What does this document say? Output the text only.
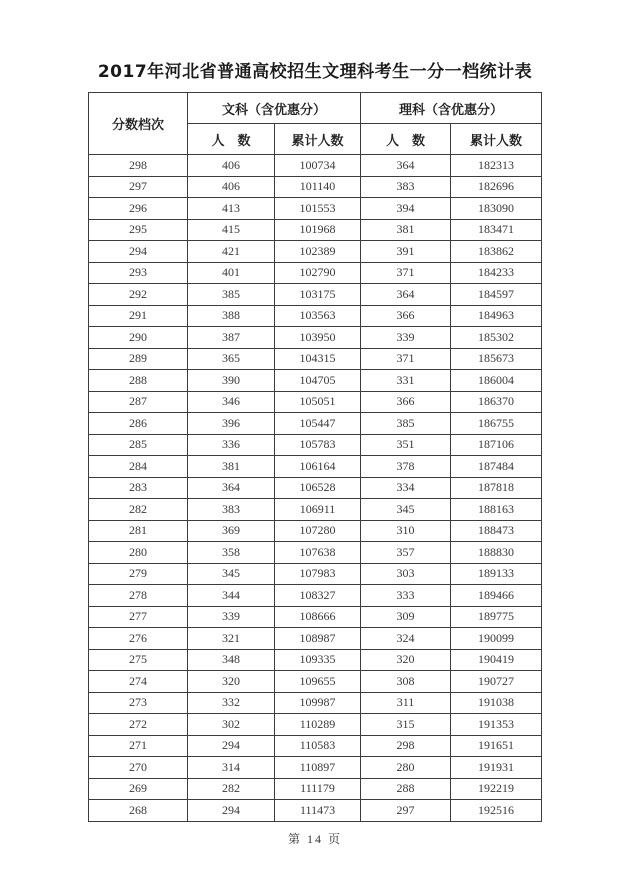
2017年河北省普通高校招生文理科考生一分一档统计表
分数档次	文科（含优惠分）		理科（含优惠分）	
	人　数	累计人数	人　数	累计人数
298	406	100734	364	182313
297	406	101140	383	182696
296	413	101553	394	183090
295	415	101968	381	183471
294	421	102389	391	183862
293	401	102790	371	184233
292	385	103175	364	184597
291	388	103563	366	184963
290	387	103950	339	185302
289	365	104315	371	185673
288	390	104705	331	186004
287	346	105051	366	186370
286	396	105447	385	186755
285	336	105783	351	187106
284	381	106164	378	187484
283	364	106528	334	187818
282	383	106911	345	188163
281	369	107280	310	188473
280	358	107638	357	188830
279	345	107983	303	189133
278	344	108327	333	189466
277	339	108666	309	189775
276	321	108987	324	190099
275	348	109335	320	190419
274	320	109655	308	190727
273	332	109987	311	191038
272	302	110289	315	191353
271	294	110583	298	191651
270	314	110897	280	191931
269	282	111179	288	192219
268	294	111473	297	192516
第 14 页
